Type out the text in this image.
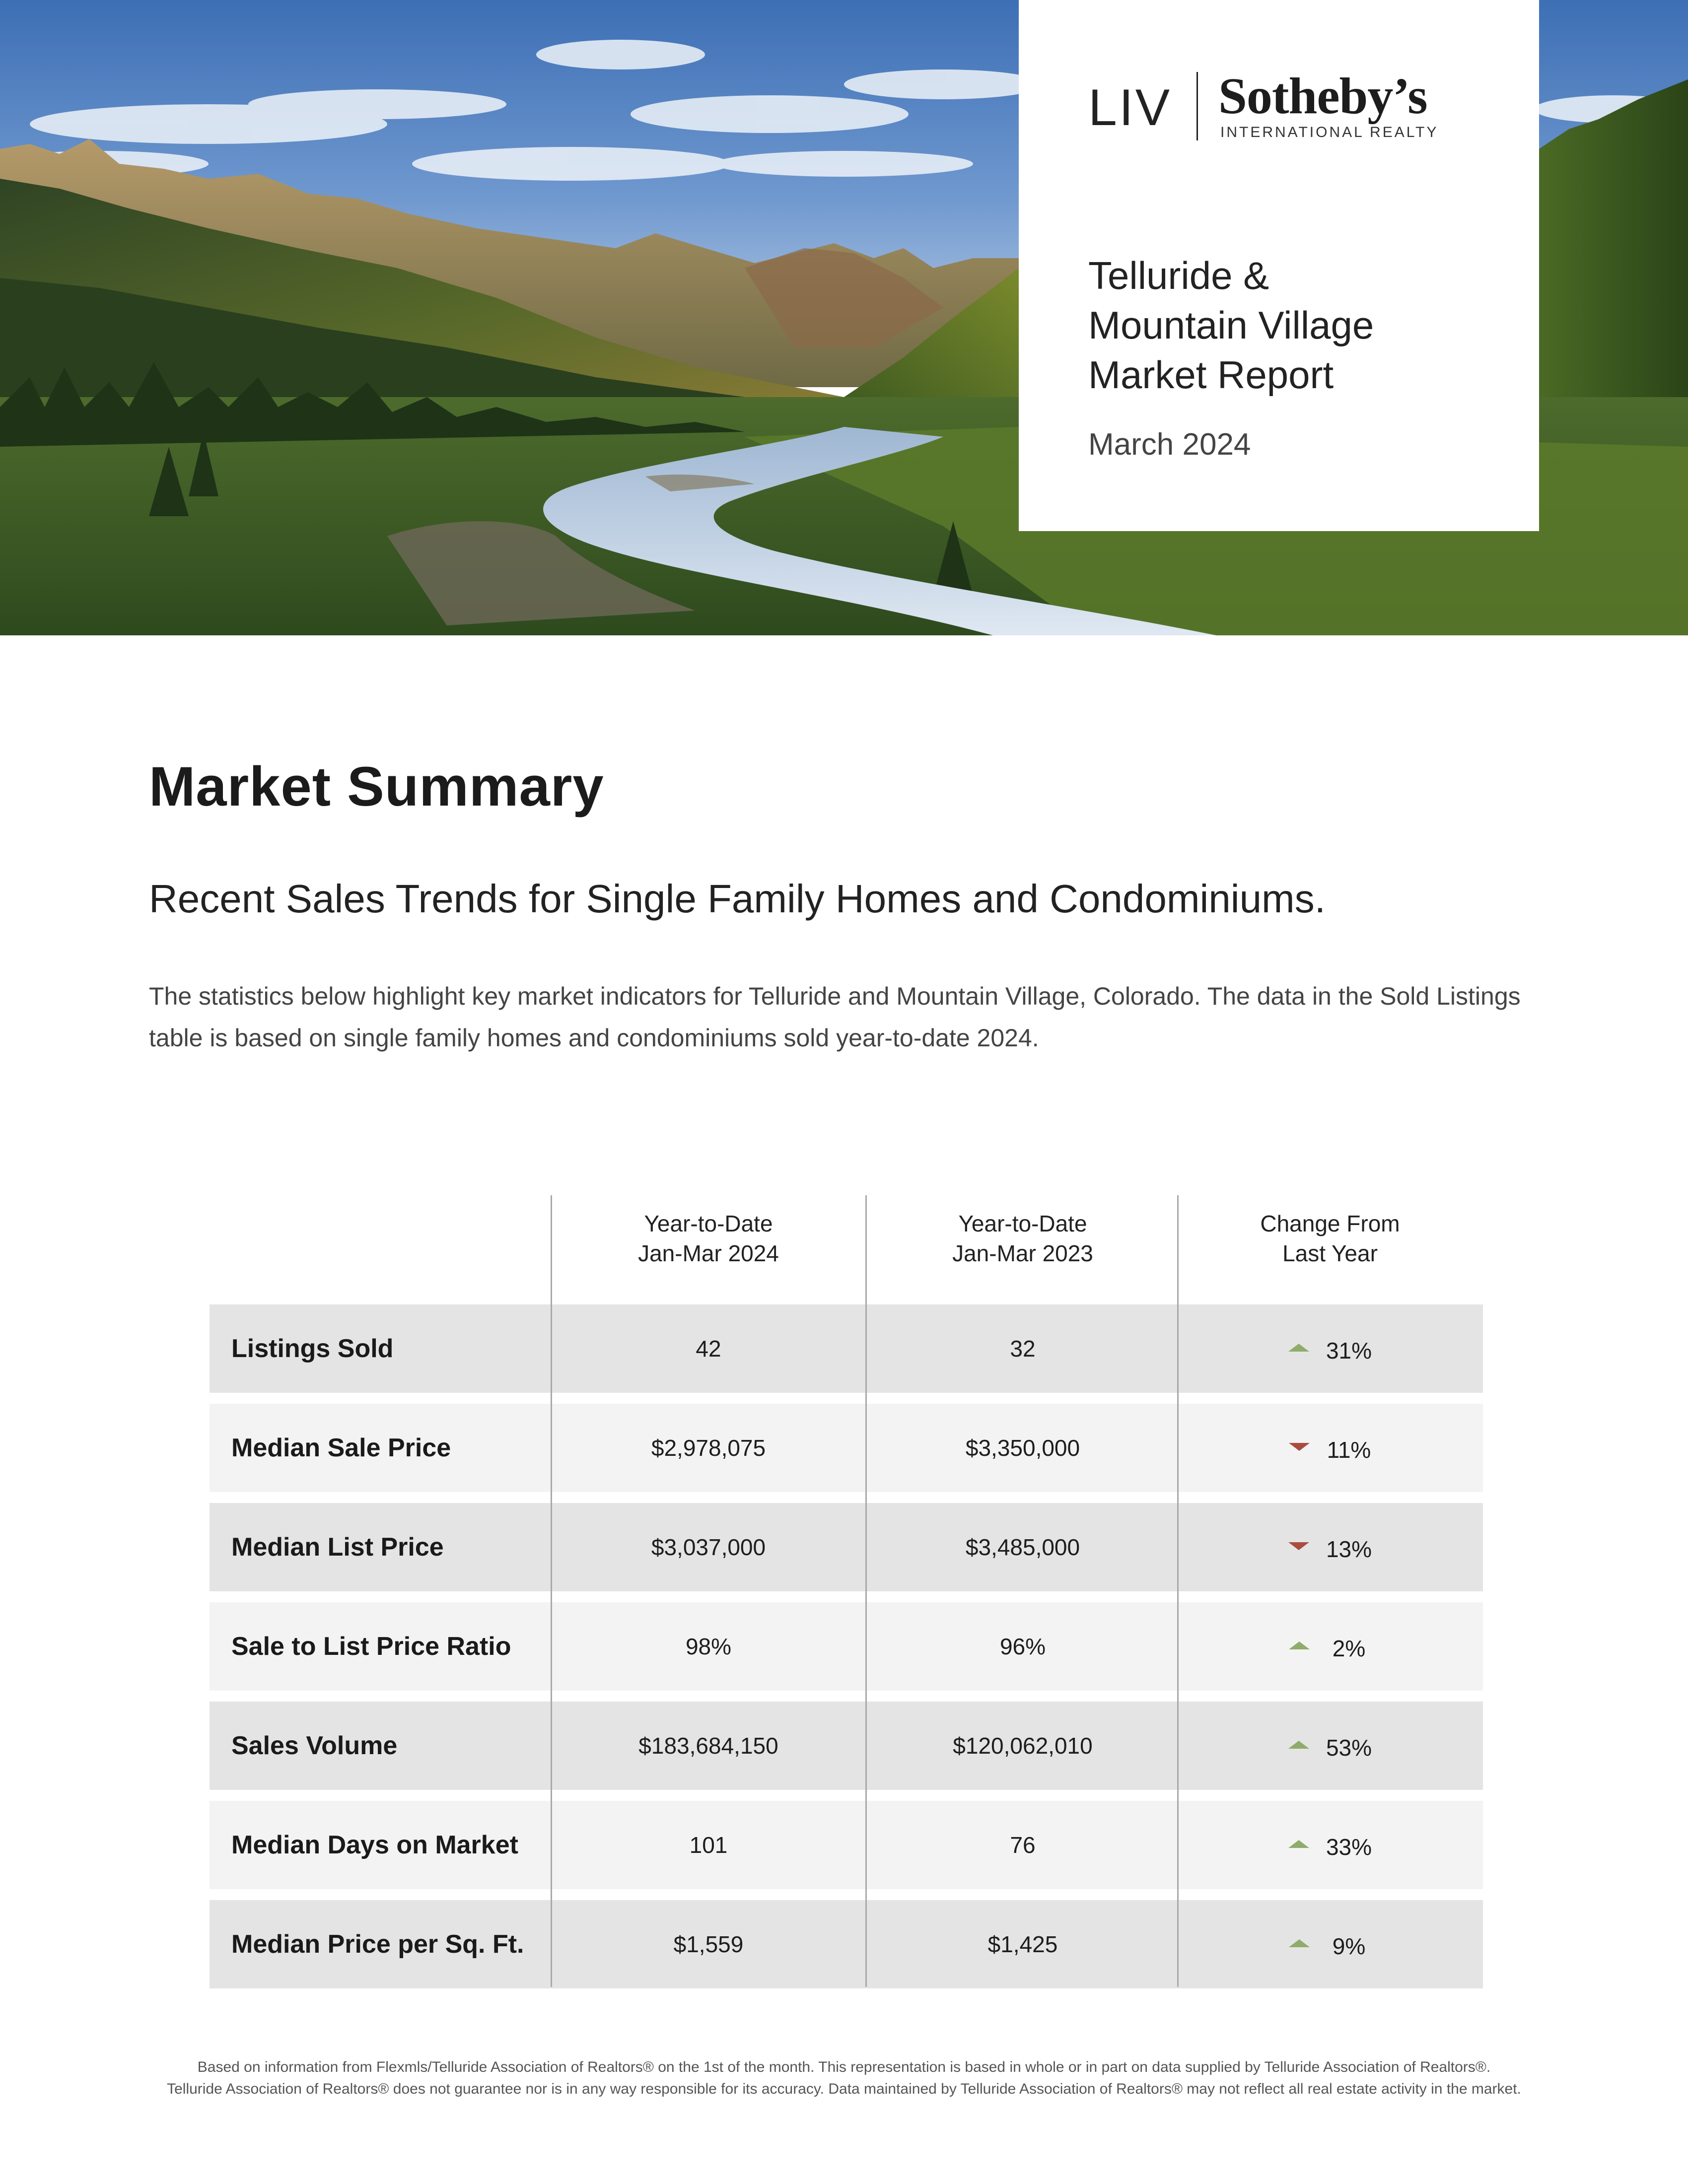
LIV Sotheby’s
INTERNATIONAL REALTY
Telluride &
Mountain Village
Market Report
March 2024
Market Summary
Recent Sales Trends for Single Family Homes and Condominiums.
The statistics below highlight key market indicators for Telluride and Mountain Village, Colorado. The data in the Sold Listings table is based on single family homes and condominiums sold year-to-date 2024.
Year-to-Date
Jan-Mar 2024
Year-to-Date
Jan-Mar 2023
Change From
Last Year
Listings Sold	42	32	31%
Median Sale Price	$2,978,075	$3,350,000	11%
Median List Price	$3,037,000	$3,485,000	13%
Sale to List Price Ratio	98%	96%	2%
Sales Volume	$183,684,150	$120,062,010	53%
Median Days on Market	101	76	33%
Median Price per Sq. Ft.	$1,559	$1,425	9%
Based on information from Flexmls/Telluride Association of Realtors® on the 1st of the month. This representation is based in whole or in part on data supplied by Telluride Association of Realtors®.
Telluride Association of Realtors® does not guarantee nor is in any way responsible for its accuracy. Data maintained by Telluride Association of Realtors® may not reflect all real estate activity in the market.
